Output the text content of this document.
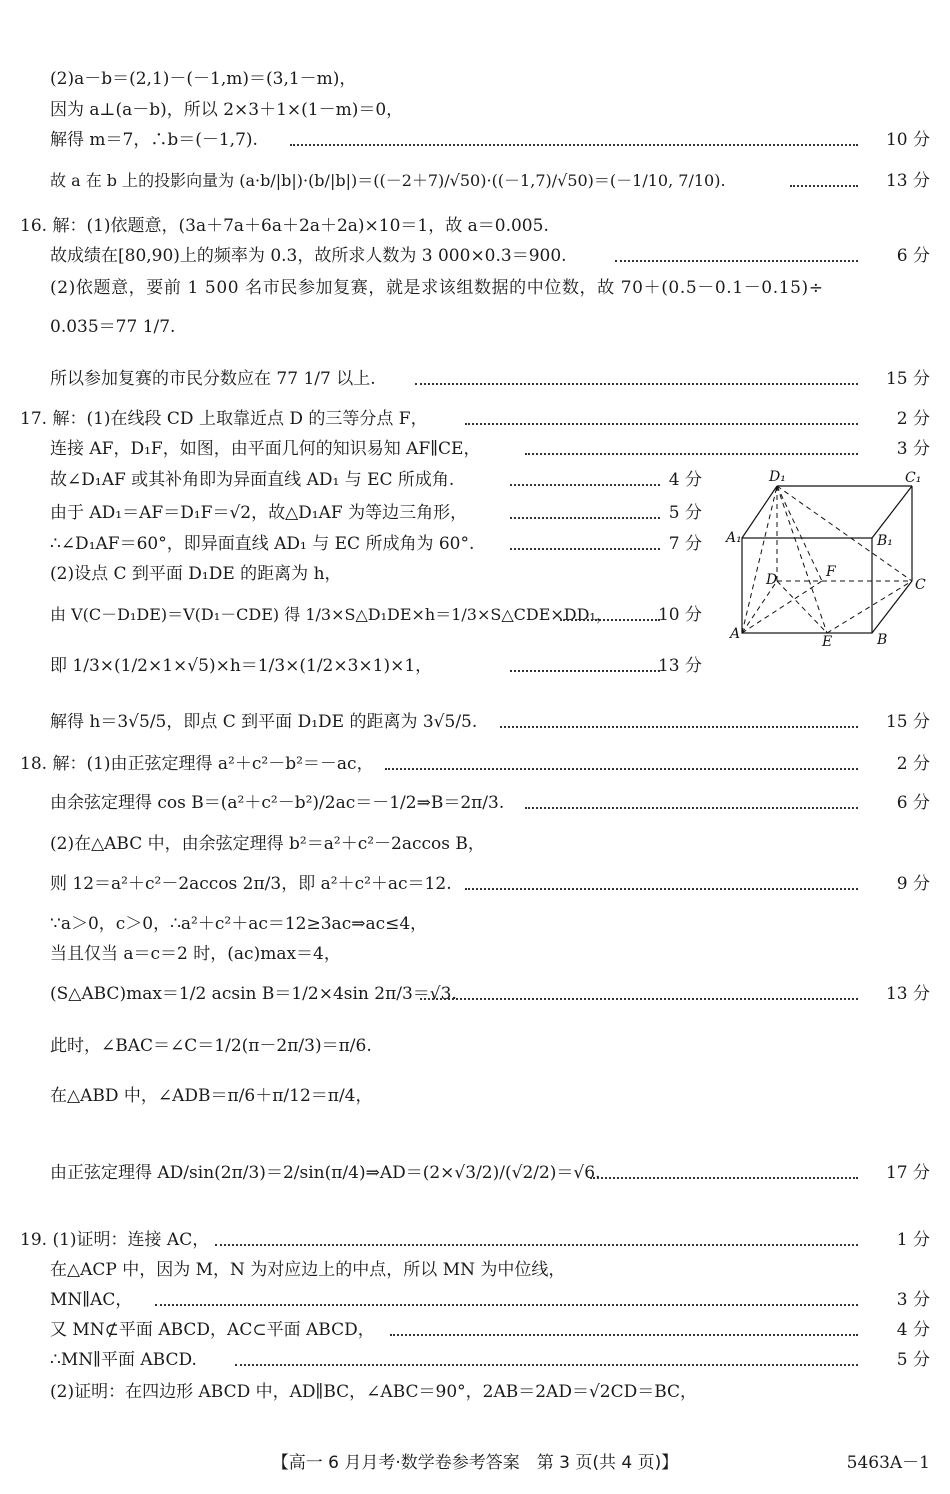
(2)a－b＝(2,1)－(－1,m)＝(3,1－m)，
因为 a⊥(a－b)，所以 2×3＋1×(1－m)＝0，
解得 m＝7，∴b＝(－1,7).	10 分
故 a 在 b 上的投影向量为 (a·b/|b|)·(b/|b|)＝((－2＋7)/√50)·((－1,7)/√50)＝(－1/10, 7/10).	13 分
16. 解：(1)依题意，(3a＋7a＋6a＋2a＋2a)×10＝1，故 a＝0.005.
故成绩在[80,90)上的频率为 0.3，故所求人数为 3 000×0.3＝900.	6 分
(2)依题意，要前 1 500 名市民参加复赛，就是求该组数据的中位数，故 70＋(0.5－0.1－0.15)÷
0.035＝77 1/7.
所以参加复赛的市民分数应在 77 1/7 以上.	15 分
17. 解：(1)在线段 CD 上取靠近点 D 的三等分点 F，	2 分
连接 AF，D₁F，如图，由平面几何的知识易知 AF∥CE，	3 分
故∠D₁AF 或其补角即为异面直线 AD₁ 与 EC 所成角.	4 分
由于 AD₁＝AF＝D₁F＝√2，故△D₁AF 为等边三角形，	5 分
∴∠D₁AF＝60°，即异面直线 AD₁ 与 EC 所成角为 60°.	7 分
(2)设点 C 到平面 D₁DE 的距离为 h，
由 V(C－D₁DE)＝V(D₁－CDE) 得 1/3×S△D₁DE×h＝1/3×S△CDE×DD₁，	10 分
即 1/3×(1/2×1×√5)×h＝1/3×(1/2×3×1)×1，	13 分
解得 h＝3√5/5，即点 C 到平面 D₁DE 的距离为 3√5/5.	15 分
D₁	C₁
A₁	B₁
D	F
C
A	E	B
18. 解：(1)由正弦定理得 a²＋c²－b²＝－ac，	2 分
由余弦定理得 cos B＝(a²＋c²－b²)/2ac＝－1/2⇒B＝2π/3.	6 分
(2)在△ABC 中，由余弦定理得 b²＝a²＋c²－2accos B，
则 12＝a²＋c²－2accos 2π/3，即 a²＋c²＋ac＝12.	9 分
∵a＞0，c＞0，∴a²＋c²＋ac＝12≥3ac⇒ac≤4，
当且仅当 a＝c＝2 时，(ac)max＝4，
(S△ABC)max＝1/2 acsin B＝1/2×4sin 2π/3＝√3.	13 分
此时，∠BAC＝∠C＝1/2(π－2π/3)＝π/6.
在△ABD 中，∠ADB＝π/6＋π/12＝π/4，
由正弦定理得 AD/sin(2π/3)＝2/sin(π/4)⇒AD＝(2×√3/2)/(√2/2)＝√6.	17 分
19. (1)证明：连接 AC，	1 分
在△ACP 中，因为 M，N 为对应边上的中点，所以 MN 为中位线，
MN∥AC，	3 分
又 MN⊄平面 ABCD，AC⊂平面 ABCD，	4 分
∴MN∥平面 ABCD.	5 分
(2)证明：在四边形 ABCD 中，AD∥BC，∠ABC＝90°，2AB＝2AD＝√2CD＝BC，
【高一 6 月月考·数学卷参考答案　第 3 页(共 4 页)】	5463A－1
